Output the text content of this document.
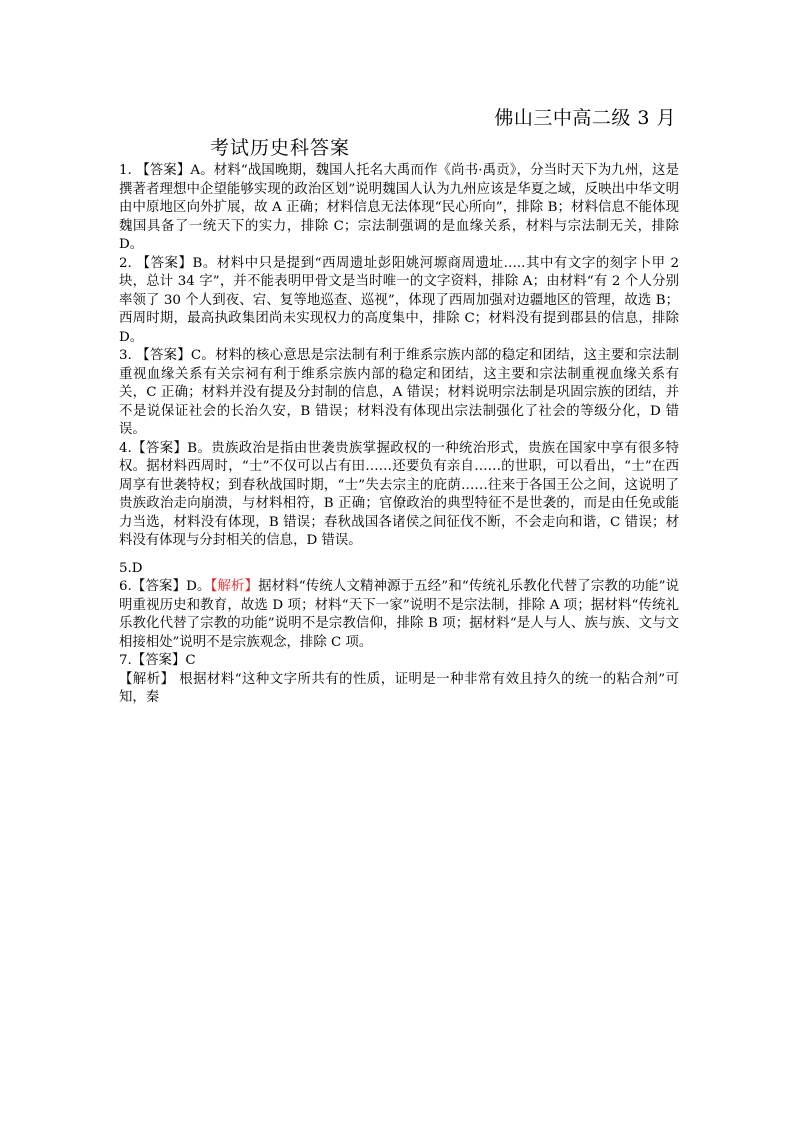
佛山三中高二级 3 月
考试历史科答案

1. 【答案】A。材料“战国晚期，魏国人托名大禹而作《尚书·禹贡》，分当时天下为九州，这是撰著者理想中企望能够实现的政治区划”说明魏国人认为九州应该是华夏之域，反映出中华文明由中原地区向外扩展，故 A 正确；材料信息无法体现“民心所向”，排除 B；材料信息不能体现魏国具备了一统天下的实力，排除 C；宗法制强调的是血缘关系，材料与宗法制无关，排除 D。

2. 【答案】B。材料中只是提到“西周遗址彭阳姚河塬商周遗址…..其中有文字的刻字卜甲 2 块，总计 34 字”，并不能表明甲骨文是当时唯一的文字资料，排除 A；由材料“有 2 个人分别率领了 30 个人到夜、宕、复等地巡查、巡视”，体现了西周加强对边疆地区的管理，故选 B；西周时期，最高执政集团尚未实现权力的高度集中，排除 C；材料没有提到郡县的信息，排除 D。

3. 【答案】C。材料的核心意思是宗法制有利于维系宗族内部的稳定和团结，这主要和宗法制重视血缘关系有关宗祠有利于维系宗族内部的稳定和团结，这主要和宗法制重视血缘关系有关，C 正确；材料并没有提及分封制的信息，A 错误；材料说明宗法制是巩固宗族的团结，并不是说保证社会的长治久安，B 错误；材料没有体现出宗法制强化了社会的等级分化，D 错误。

4.【答案】B。贵族政治是指由世袭贵族掌握政权的一种统治形式，贵族在国家中享有很多特权。据材料西周时，“士”不仅可以占有田……还要负有亲自……的世职，可以看出，“士”在西周享有世袭特权；到春秋战国时期，“士”失去宗主的庇荫……往来于各国王公之间，这说明了贵族政治走向崩溃，与材料相符，B 正确；官僚政治的典型特征不是世袭的，而是由任免或能力当选，材料没有体现，B 错误；春秋战国各诸侯之间征伐不断，不会走向和谐，C 错误；材料没有体现与分封相关的信息，D 错误。

5.D

6.【答案】D。【解析】据材料“传统人文精神源于五经”和“传统礼乐教化代替了宗教的功能”说明重视历史和教育，故选 D 项；材料“天下一家”说明不是宗法制，排除 A 项；据材料“传统礼乐教化代替了宗教的功能”说明不是宗教信仰，排除 B 项；据材料“是人与人、族与族、文与文相接相处”说明不是宗族观念，排除 C 项。

7.【答案】C

【解析】 根据材料“这种文字所共有的性质，证明是一种非常有效且持久的统一的粘合剂”可知，秦
